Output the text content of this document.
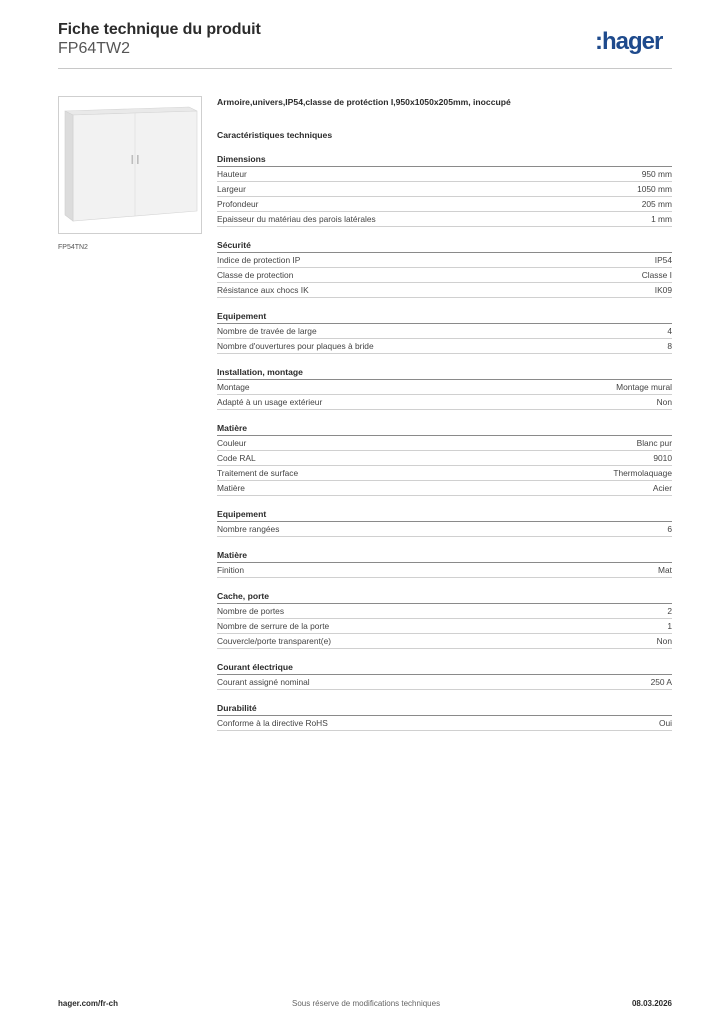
Fiche technique du produit
FP64TW2	:hager
FP54TN2
Armoire,univers,IP54,classe de protéction I,950x1050x205mm, inoccupé
Caractéristiques techniques
Dimensions
Hauteur	950 mm
Largeur	1050 mm
Profondeur	205 mm
Epaisseur du matériau des parois latérales	1 mm
Sécurité
Indice de protection IP	IP54
Classe de protection	Classe I
Résistance aux chocs IK	IK09
Equipement
Nombre de travée de large	4
Nombre d'ouvertures pour plaques à bride	8
Installation, montage
Montage	Montage mural
Adapté à un usage extérieur	Non
Matière
Couleur	Blanc pur
Code RAL	9010
Traitement de surface	Thermolaquage
Matière	Acier
Equipement
Nombre rangées	6
Matière
Finition	Mat
Cache, porte
Nombre de portes	2
Nombre de serrure de la porte	1
Couvercle/porte transparent(e)	Non
Courant électrique
Courant assigné nominal	250 A
Durabilité
Conforme à la directive RoHS	Oui
hager.com/fr-ch	Sous réserve de modifications techniques	08.03.2026
